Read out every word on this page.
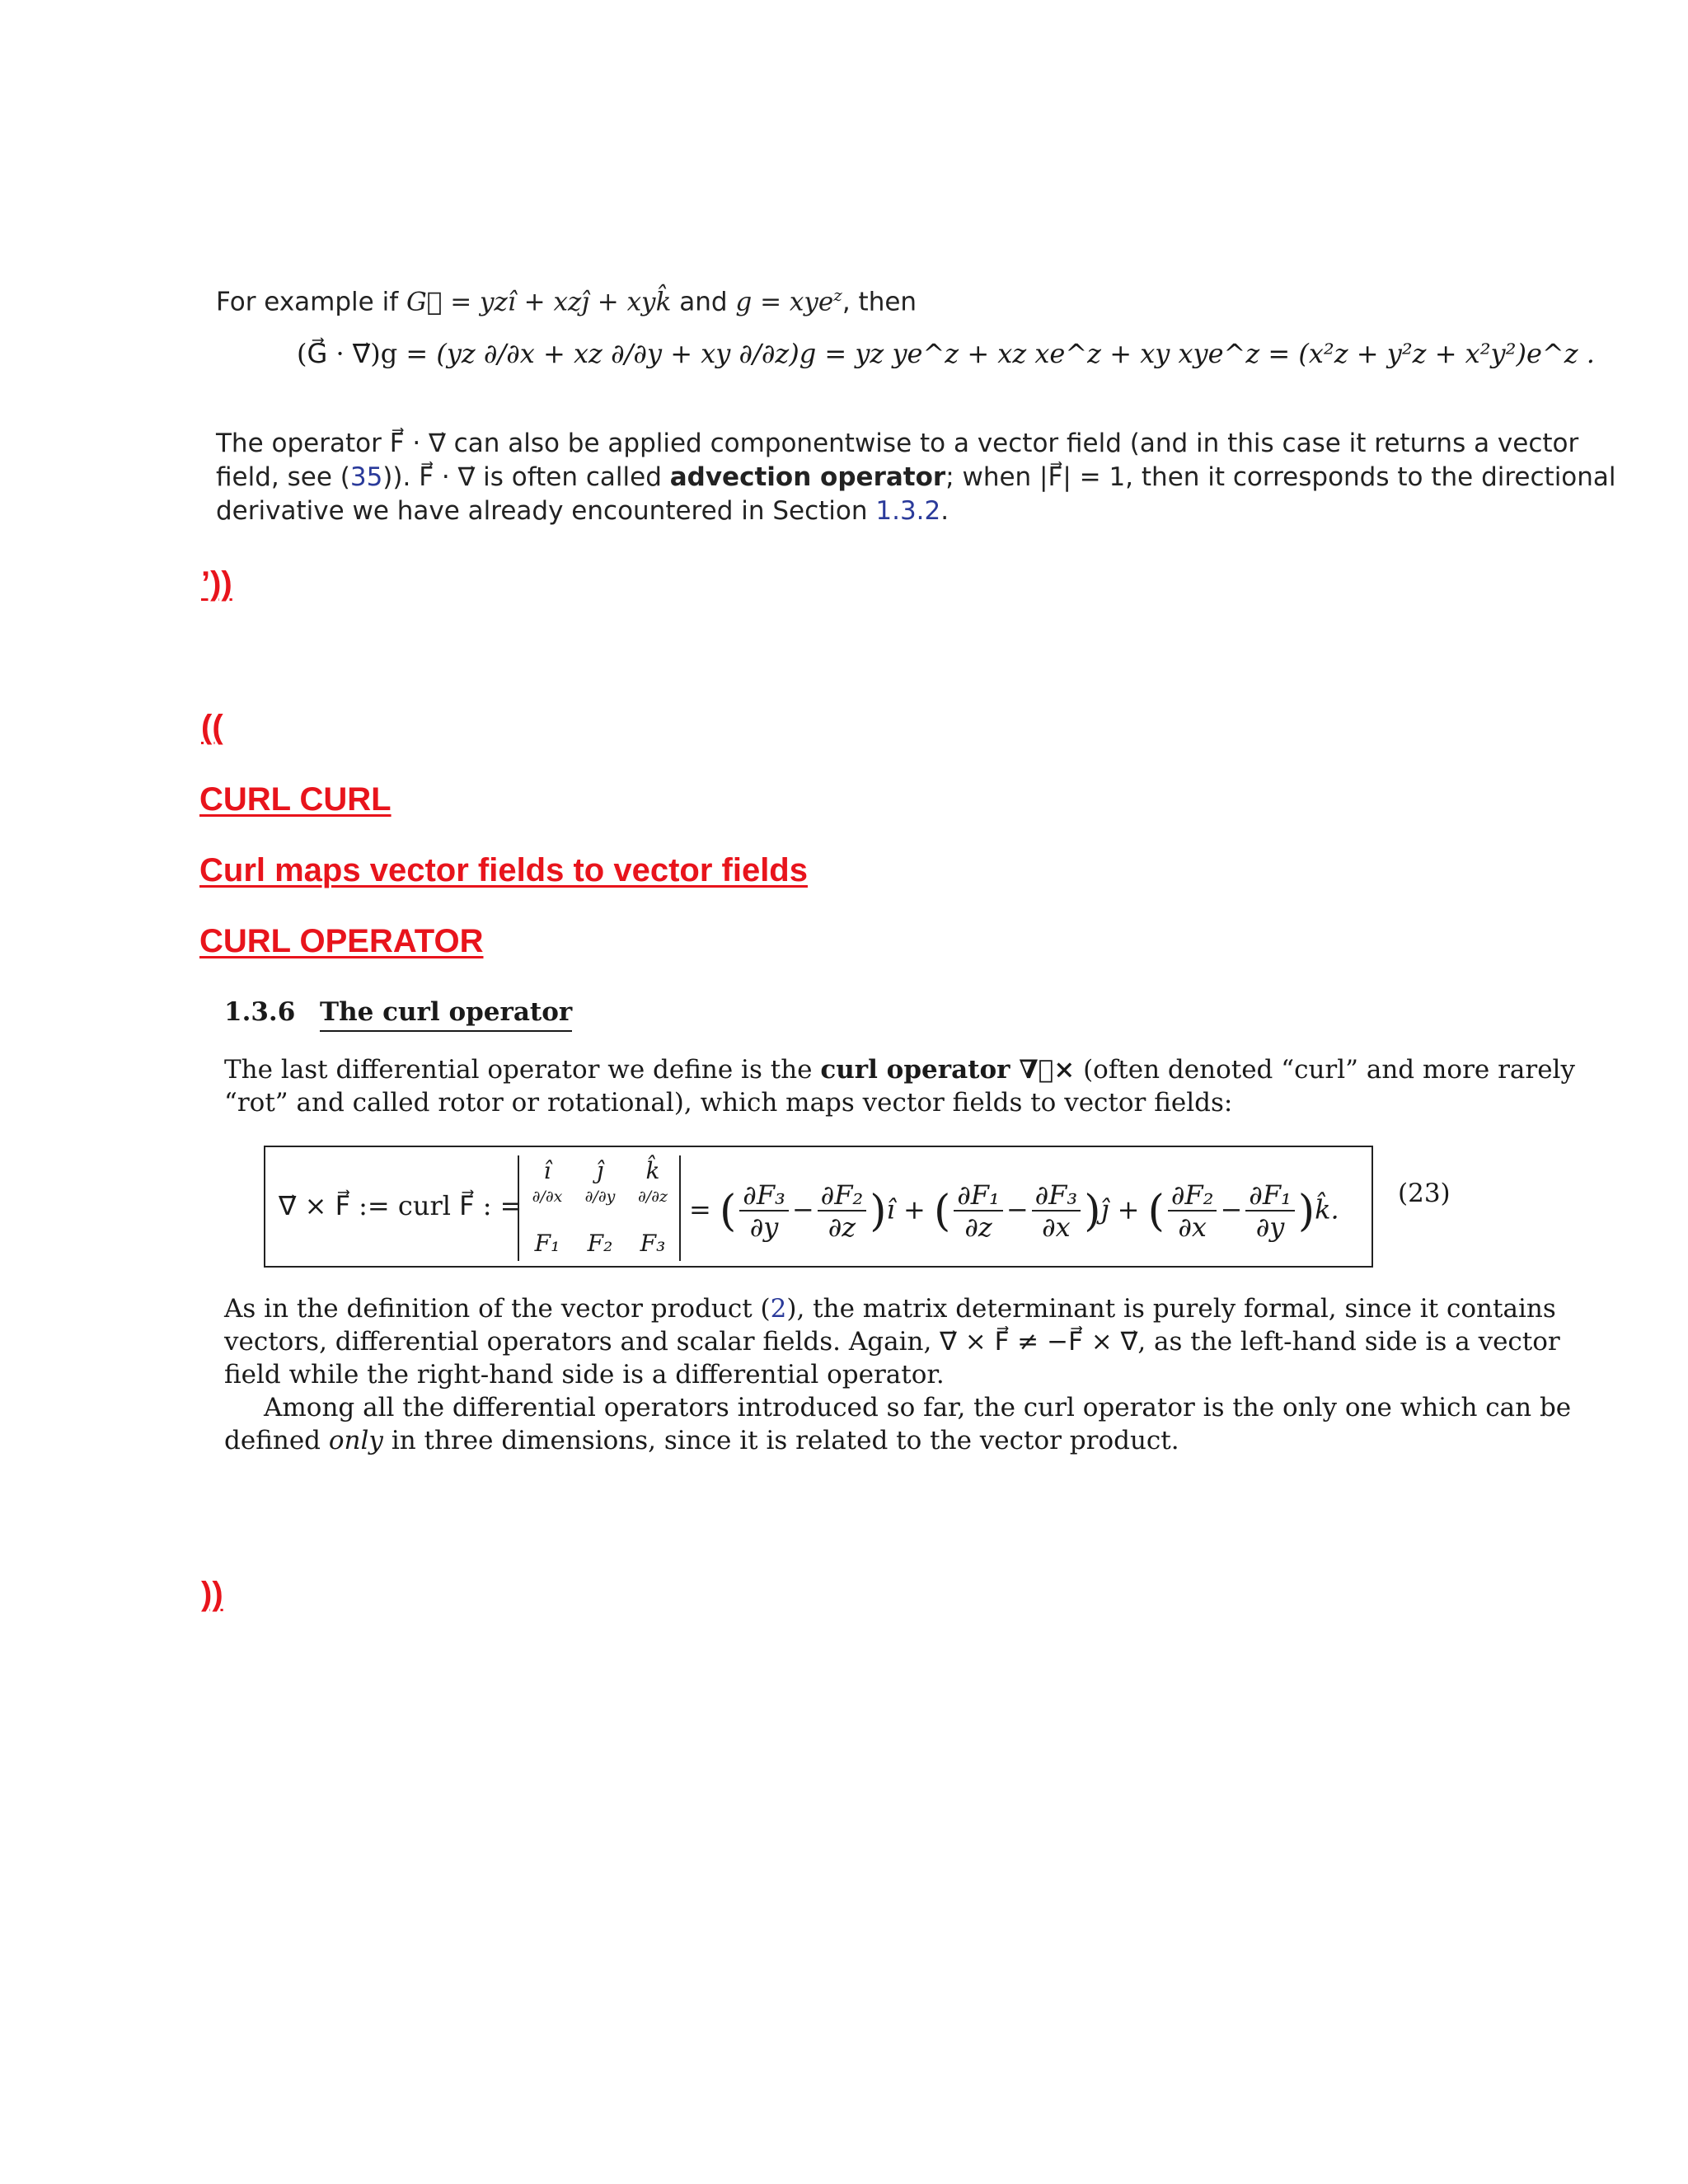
For example if G⃗ = yzı̂ + xzȷ̂ + xyk̂ and g = xye$^z$, then
(G⃗ · ∇⃗)g = (yz ∂/∂x + xz ∂/∂y + xy ∂/∂z)g = yz ye^z + xz xe^z + xy xye^z = (x²z + y²z + x²y²)e^z .
The operator F⃗ · ∇⃗ can also be applied componentwise to a vector field (and in this case it returns a vector
field, see (35)). F⃗ · ∇⃗ is often called advection operator; when |F⃗| = 1, then it corresponds to the directional
derivative we have already encountered in Section 1.3.2.
’))
((
CURL CURL
Curl maps vector fields to vector fields
CURL OPERATOR
1.3.6 The curl operator
The last differential operator we define is the curl operator ∇⃗× (often denoted “curl” and more rarely
“rot” and called rotor or rotational), which maps vector fields to vector fields:
∇⃗ × F⃗ := curl F⃗ : =
ı̂	ȷ̂	k̂
∂/∂x	∂/∂y	∂/∂z
F₁	F₂	F₃
= ( $\frac{\text{∂F₃}}{\partial y} - \frac{\text{∂F₂}}{\partial z}$ )ı̂ + ( $\frac{\text{∂F₁}}{\partial z} - \frac{\text{∂F₃}}{\partial x}$ )ȷ̂ + ( $\frac{\text{∂F₂}}{\partial x} - \frac{\text{∂F₁}}{\partial y}$ )k̂.
(23)
As in the definition of the vector product (2), the matrix determinant is purely formal, since it contains
vectors, differential operators and scalar fields. Again, ∇⃗ × F⃗ ≠ −F⃗ × ∇⃗, as the left-hand side is a vector
field while the right-hand side is a differential operator.
Among all the differential operators introduced so far, the curl operator is the only one which can be
defined only in three dimensions, since it is related to the vector product.
))
